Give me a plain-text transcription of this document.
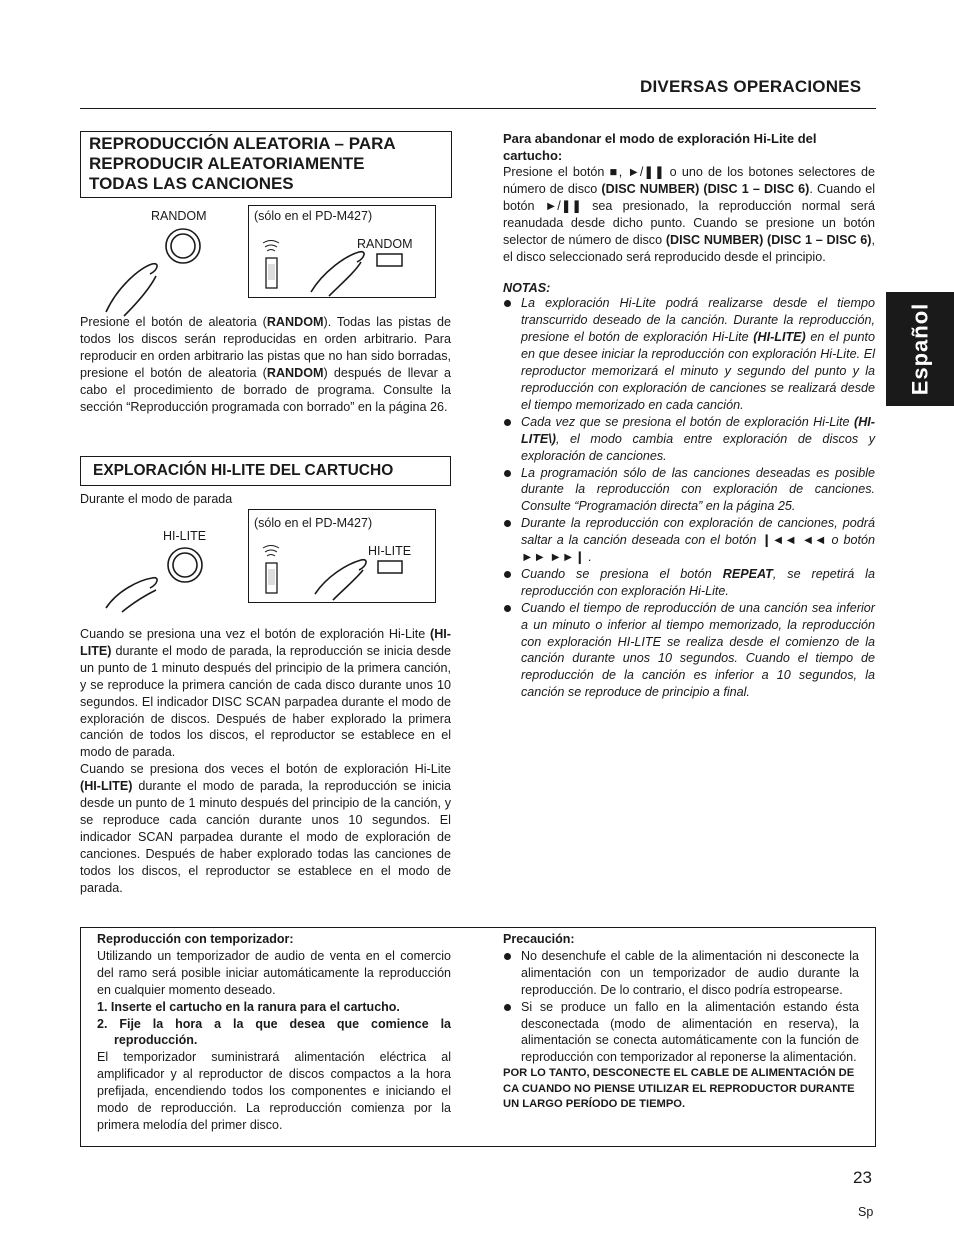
DIVERSAS OPERACIONES
Español
REPRODUCCIÓN ALEATORIA – PARA
REPRODUCIR ALEATORIAMENTE
TODAS LAS CANCIONES
RANDOM	(sólo en el PD-M427)
RANDOM

Presione el botón de aleatoria (RANDOM). Todas las pistas de todos los discos serán reproducidas en orden arbitrario. Para reproducir en orden arbitrario las pistas que no han sido borradas, presione el botón de aleatoria (RANDOM) después de llevar a cabo el procedimiento de borrado de programa. Consulte la sección “Reproducción programada con borrado” en la página 26.

EXPLORACIÓN HI-LITE DEL CARTUCHO
Durante el modo de parada
HI-LITE
(sólo en el PD-M427)
HI-LITE

Cuando se presiona una vez el botón de exploración Hi-Lite (HI-LITE) durante el modo de parada, la reproducción se inicia desde un punto de 1 minuto después del principio de la primera canción, y se reproduce la primera canción de cada disco durante unos 10 segundos. El indicador DISC SCAN parpadea durante el modo de exploración de discos. Después de haber explorado la primera canción de todos los discos, el reproductor se establece en el modo de parada.

Cuando se presiona dos veces el botón de exploración Hi-Lite (HI-LITE) durante el modo de parada, la reproducción se inicia desde un punto de 1 minuto después del principio de la canción, y se reproduce cada canción durante unos 10 segundos. El indicador SCAN parpadea durante el modo de exploración de canciones. Después de haber explorado todas las canciones de todos los discos, el reproductor se establece en el modo de parada.

Para abandonar el modo de exploración Hi-Lite del cartucho:

Presione el botón ■, ►/❚❚ o uno de los botones selectores de número de disco (DISC NUMBER) (DISC 1 – DISC 6). Cuando el botón ►/❚❚ sea presionado, la reproducción normal será reanudada desde dicho punto. Cuando se presione un botón selector de número de disco (DISC NUMBER) (DISC 1 – DISC 6), el disco seleccionado será reproducido desde el principio.

NOTAS:
La exploración Hi-Lite podrá realizarse desde el tiempo transcurrido deseado de la canción. Durante la reproducción, presione el botón de exploración Hi-Lite (HI-LITE) en el punto en que desee iniciar la reproducción con exploración Hi-Lite. El reproductor memorizará el minuto y segundo del punto y la reproducción con exploración de canciones se realizará desde el tiempo memorizado en cada canción.
Cada vez que se presiona el botón de exploración Hi-Lite (HI-LITE\), el modo cambia entre exploración de discos y exploración de canciones.
La programación sólo de las canciones deseadas es posible durante la reproducción con exploración de canciones. Consulte “Programación directa” en la página 25.
Durante la reproducción con exploración de canciones, podrá saltar a la canción deseada con el botón ❙◄◄ ◄◄ o botón ►► ►►❙ .
Cuando se presiona el botón REPEAT, se repetirá la reproducción con exploración Hi-Lite.
Cuando el tiempo de reproducción de una canción sea inferior a un minuto o inferior al tiempo memorizado, la reproducción con exploración HI-LITE se realiza desde el comienzo de la canción durante unos 10 segundos. Cuando el tiempo de reproducción de la canción es inferior a 10 segundos, la canción se reproduce de principio a final.
Reproducción con temporizador:
Utilizando un temporizador de audio de venta en el comercio del ramo será posible iniciar automáticamente la reproducción en cualquier momento deseado.
1. Inserte el cartucho en la ranura para el cartucho.
2. Fije la hora a la que desea que comience la reproducción.
El temporizador suministrará alimentación eléctrica al amplificador y al reproductor de discos compactos a la hora prefijada, encendiendo todos los componentes e iniciando el modo de reproducción. La reproducción comienza por la primera melodía del primer disco.
Precaución:
No desenchufe el cable de la alimentación ni desconecte la alimentación con un temporizador de audio durante la reproducción. De lo contrario, el disco podría estropearse.
Si se produce un fallo en la alimentación estando ésta desconectada (modo de alimentación en reserva), la alimentación se conecta automáticamente con la función de reproducción con temporizador al reponerse la alimentación.
POR LO TANTO, DESCONECTE EL CABLE DE ALIMENTACIÓN DE CA CUANDO NO PIENSE UTILIZAR EL REPRODUCTOR DURANTE UN LARGO PERÍODO DE TIEMPO.
23
Sp
